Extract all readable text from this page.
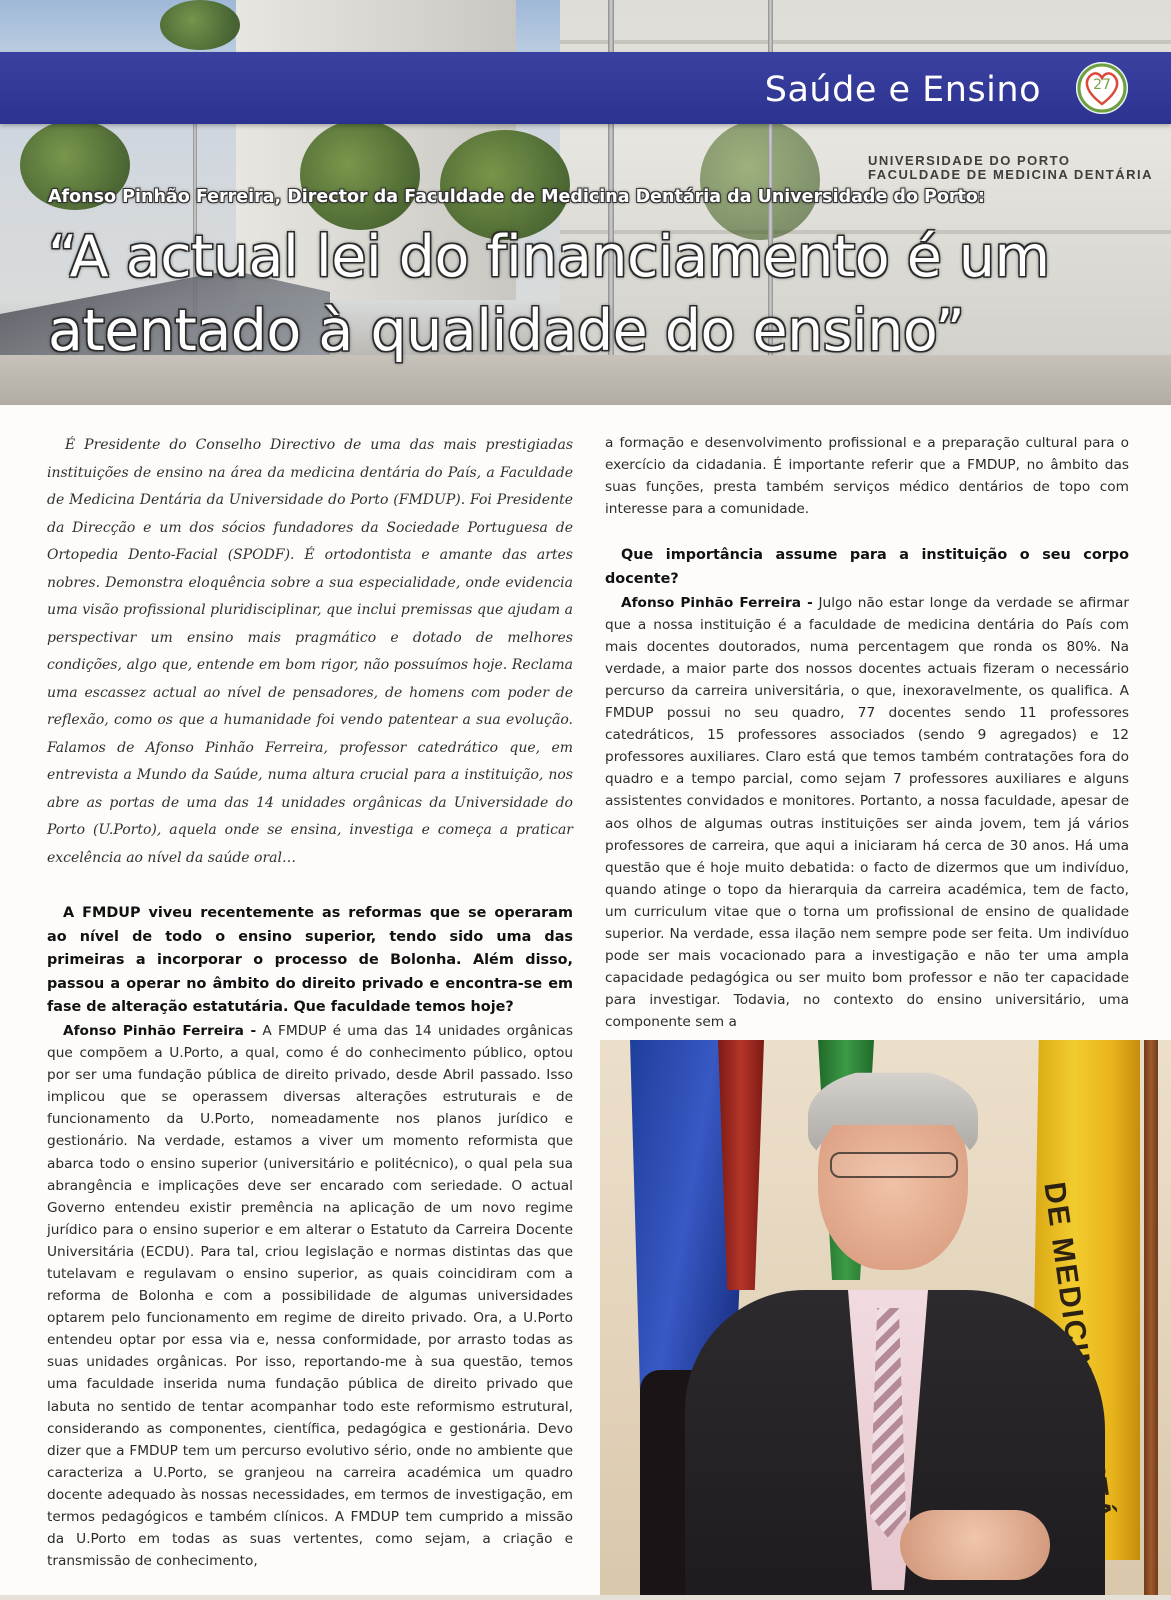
UNIVERSIDADE DO PORTO
FACULDADE DE MEDICINA DENTÁRIA
Saúde e Ensino	27
Afonso Pinhão Ferreira, Director da Faculdade de Medicina Dentária da Universidade do Porto:
“A actual lei do financiamento é um atentado à qualidade do ensino”

É Presidente do Conselho Directivo de uma das mais prestigiadas instituições de ensino na área da medicina dentária do País, a Faculdade de Medicina Dentária da Universidade do Porto (FMDUP). Foi Presidente da Direcção e um dos sócios fundadores da Sociedade Portuguesa de Ortopedia Dento-Facial (SPODF). É ortodontista e amante das artes nobres. Demonstra eloquência sobre a sua especialidade, onde evidencia uma visão profissional pluridisciplinar, que inclui premissas que ajudam a perspectivar um ensino mais pragmático e dotado de melhores condições, algo que, entende em bom rigor, não possuímos hoje. Reclama uma escassez actual ao nível de pensadores, de homens com poder de reflexão, como os que a humanidade foi vendo patentear a sua evolução. Falamos de Afonso Pinhão Ferreira, professor catedrático que, em entrevista a Mundo da Saúde, numa altura crucial para a instituição, nos abre as portas de uma das 14 unidades orgânicas da Universidade do Porto (U.Porto), aquela onde se ensina, investiga e começa a praticar excelência ao nível da saúde oral…

A FMDUP viveu recentemente as reformas que se operaram ao nível de todo o ensino superior, tendo sido uma das primeiras a incorporar o processo de Bolonha. Além disso, passou a operar no âmbito do direito privado e encontra-se em fase de alteração estatutária. Que faculdade temos hoje?

Afonso Pinhão Ferreira - A FMDUP é uma das 14 unidades orgânicas que compõem a U.Porto, a qual, como é do conhecimento público, optou por ser uma fundação pública de direito privado, desde Abril passado. Isso implicou que se operassem diversas alterações estruturais e de funcionamento da U.Porto, nomeadamente nos planos jurídico e gestionário. Na verdade, estamos a viver um momento reformista que abarca todo o ensino superior (universitário e politécnico), o qual pela sua abrangência e implicações deve ser encarado com seriedade. O actual Governo entendeu existir premência na aplicação de um novo regime jurídico para o ensino superior e em alterar o Estatuto da Carreira Docente Universitária (ECDU). Para tal, criou legislação e normas distintas das que tutelavam e regulavam o ensino superior, as quais coincidiram com a reforma de Bolonha e com a possibilidade de algumas universidades optarem pelo funcionamento em regime de direito privado. Ora, a U.Porto entendeu optar por essa via e, nessa conformidade, por arrasto todas as suas unidades orgânicas. Por isso, reportando-me à sua questão, temos uma faculdade inserida numa fundação pública de direito privado que labuta no sentido de tentar acompanhar todo este reformismo estrutural, considerando as componentes, científica, pedagógica e gestionária. Devo dizer que a FMDUP tem um percurso evolutivo sério, onde no ambiente que caracteriza a U.Porto, se granjeou na carreira académica um quadro docente adequado às nossas necessidades, em termos de investigação, em termos pedagógicos e também clínicos. A FMDUP tem cumprido a missão da U.Porto em todas as suas vertentes, como sejam, a criação e transmissão de conhecimento,

a formação e desenvolvimento profissional e a preparação cultural para o exercício da cidadania. É importante referir que a FMDUP, no âmbito das suas funções, presta também serviços médico dentários de topo com interesse para a comunidade.

Que importância assume para a instituição o seu corpo docente?

Afonso Pinhão Ferreira - Julgo não estar longe da verdade se afirmar que a nossa instituição é a faculdade de medicina dentária do País com mais docentes doutorados, numa percentagem que ronda os 80%. Na verdade, a maior parte dos nossos docentes actuais fizeram o necessário percurso da carreira universitária, o que, inexoravelmente, os qualifica. A FMDUP possui no seu quadro, 77 docentes sendo 11 professores catedráticos, 15 professores associados (sendo 9 agregados) e 12 professores auxiliares. Claro está que temos também contratações fora do quadro e a tempo parcial, como sejam 7 professores auxiliares e alguns assistentes convidados e monitores. Portanto, a nossa faculdade, apesar de aos olhos de algumas outras instituições ser ainda jovem, tem já vários professores de carreira, que aqui a iniciaram há cerca de 30 anos. Há uma questão que é hoje muito debatida: o facto de dizermos que um indivíduo, quando atinge o topo da hierarquia da carreira académica, tem de facto, um curriculum vitae que o torna um profissional de ensino de qualidade superior. Na verdade, essa ilação nem sempre pode ser feita. Um indivíduo pode ser mais vocacionado para a investigação e não ter uma ampla capacidade pedagógica ou ser muito bom professor e não ter capacidade para investigar. Todavia, no contexto do ensino universitário, uma componente sem a

DE MEDICINA
